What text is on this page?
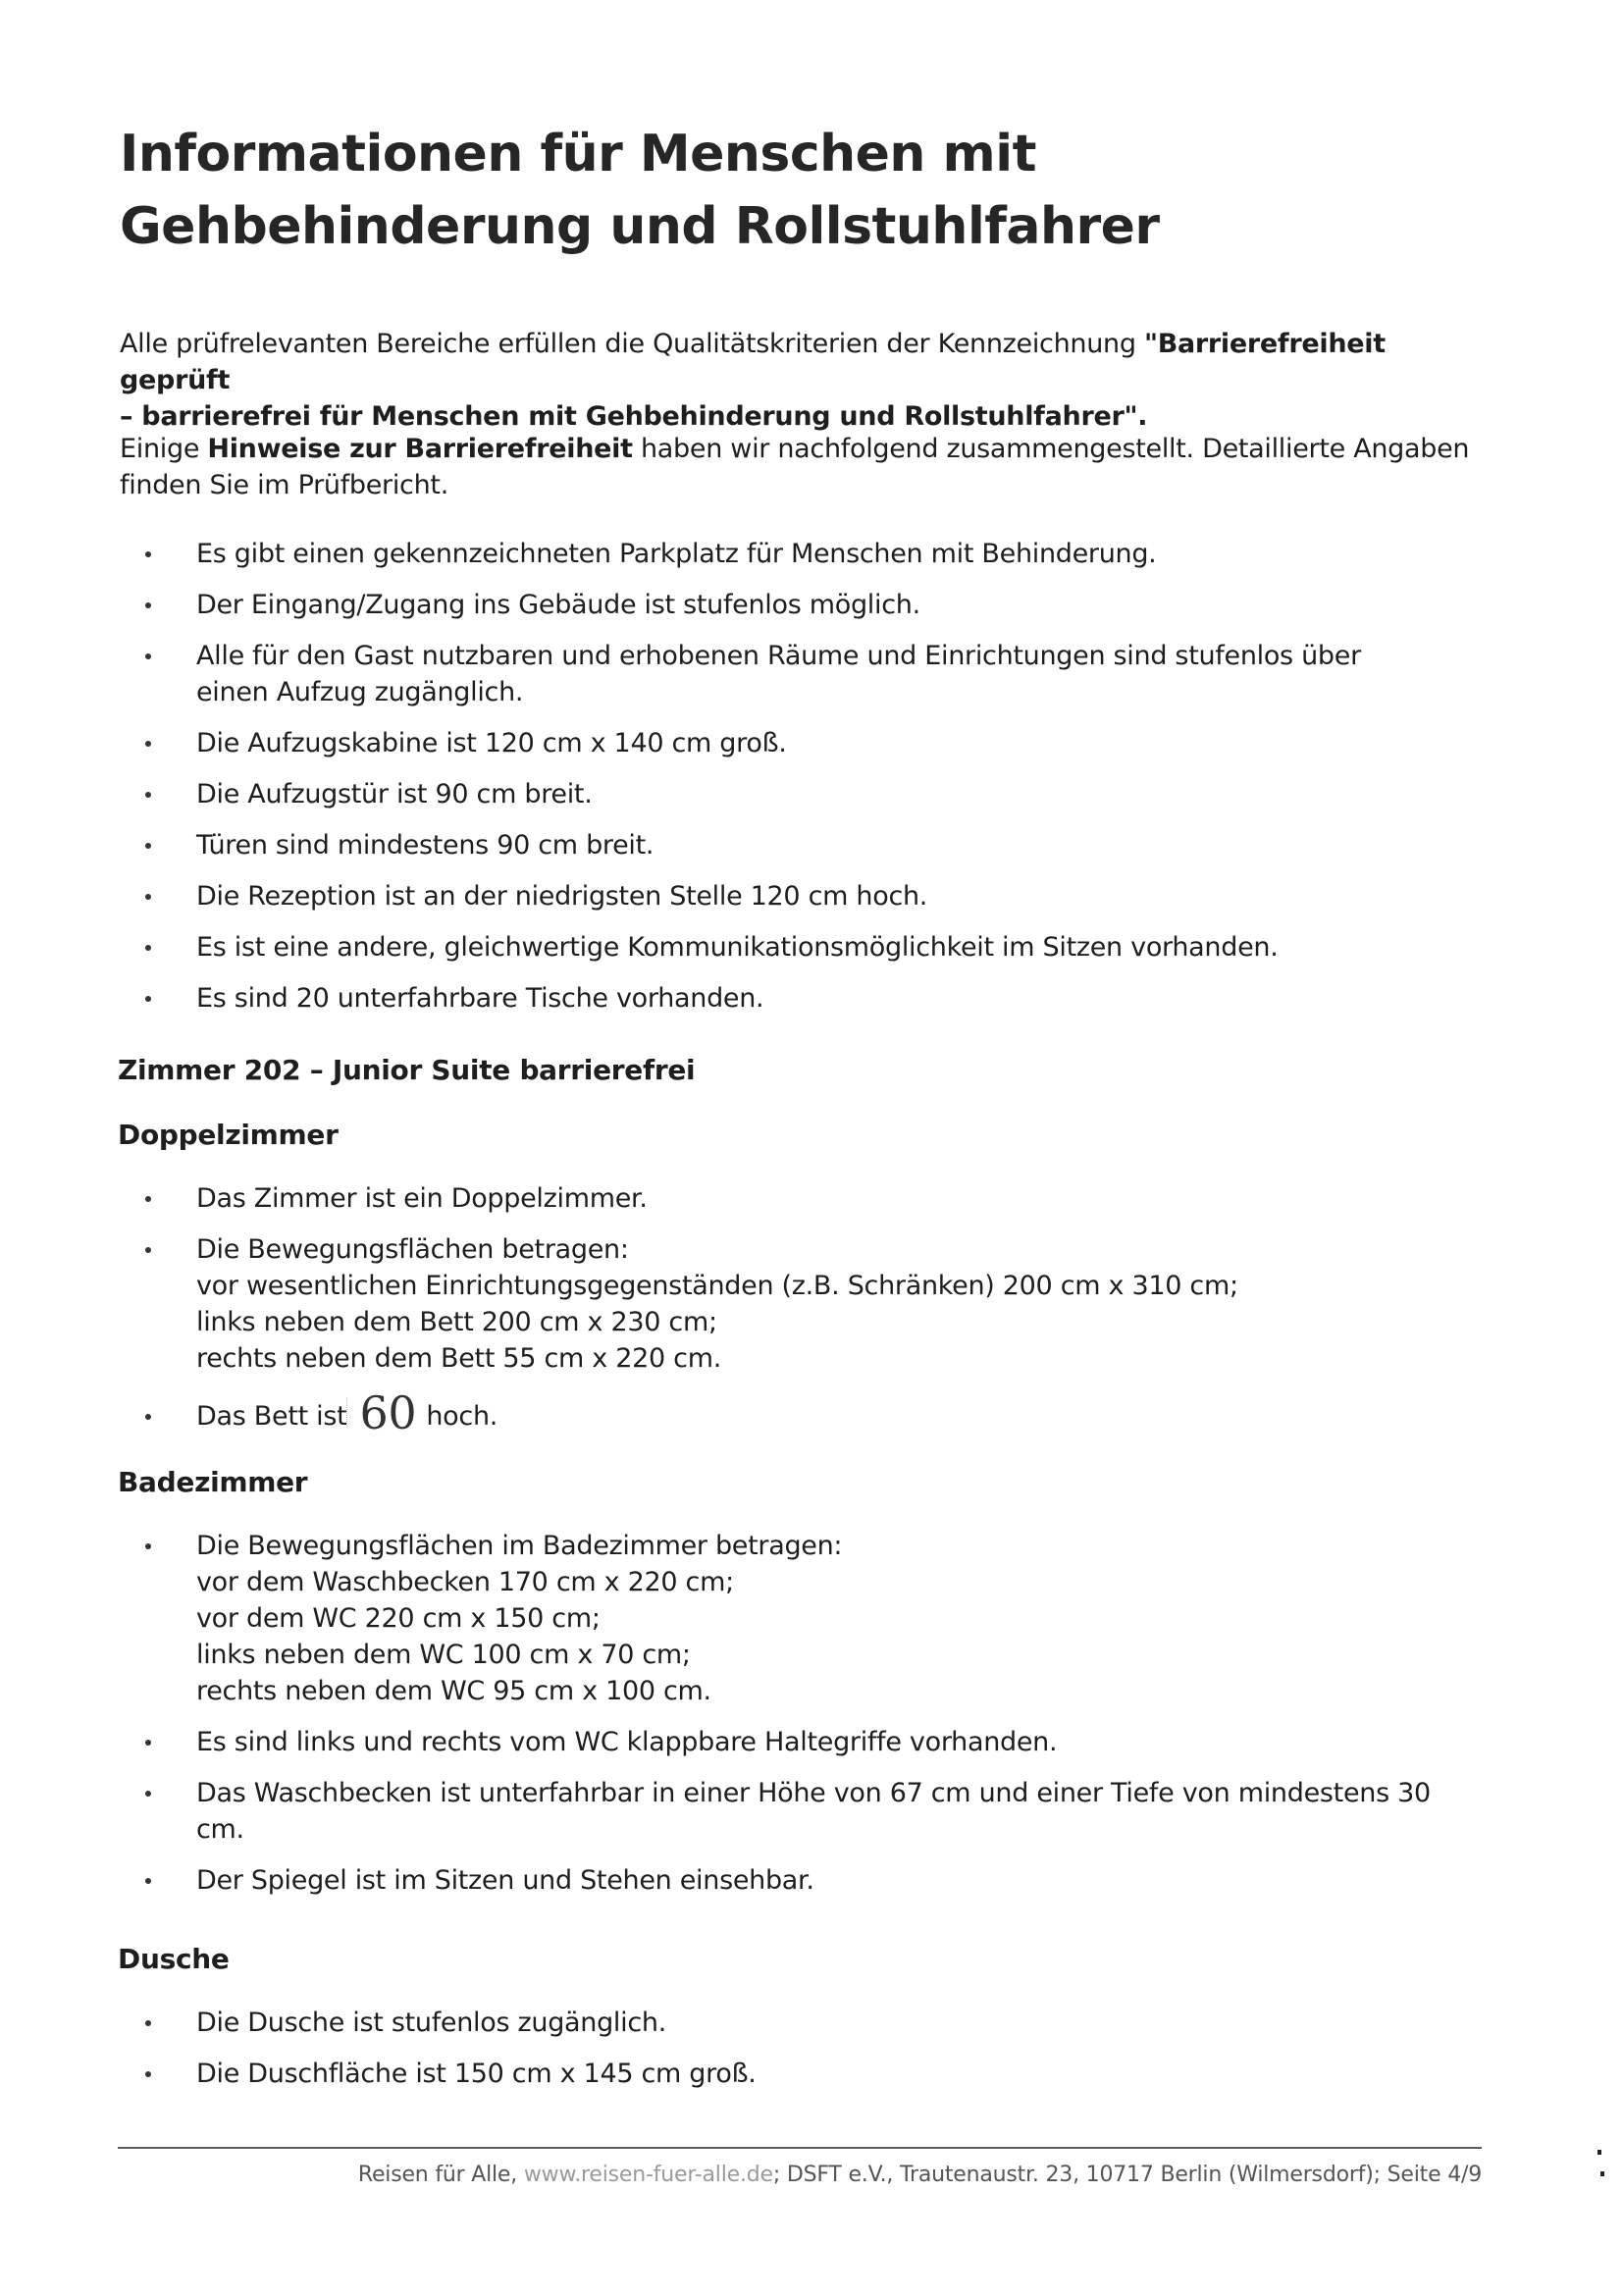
Informationen für Menschen mit Gehbehinderung und Rollstuhlfahrer

Alle prüfrelevanten Bereiche erfüllen die Qualitätskriterien der Kennzeichnung "Barrierefreiheit geprüft
– barrierefrei für Menschen mit Gehbehinderung und Rollstuhlfahrer".

Einige Hinweise zur Barrierefreiheit haben wir nachfolgend zusammengestellt. Detaillierte Angaben
finden Sie im Prüfbericht.

Es gibt einen gekennzeichneten Parkplatz für Menschen mit Behinderung.
Der Eingang/Zugang ins Gebäude ist stufenlos möglich.
Alle für den Gast nutzbaren und erhobenen Räume und Einrichtungen sind stufenlos über
einen Aufzug zugänglich.
Die Aufzugskabine ist 120 cm x 140 cm groß.
Die Aufzugstür ist 90 cm breit.
Türen sind mindestens 90 cm breit.
Die Rezeption ist an der niedrigsten Stelle 120 cm hoch.
Es ist eine andere, gleichwertige Kommunikationsmöglichkeit im Sitzen vorhanden.
Es sind 20 unterfahrbare Tische vorhanden.
Zimmer 202 – Junior Suite barrierefrei
Doppelzimmer
Das Zimmer ist ein Doppelzimmer.
Die Bewegungsflächen betragen:
vor wesentlichen Einrichtungsgegenständen (z.B. Schränken) 200 cm x 310 cm;
links neben dem Bett 200 cm x 230 cm;
rechts neben dem Bett 55 cm x 220 cm.
Das Bett ist 60 hoch.
Badezimmer
Die Bewegungsflächen im Badezimmer betragen:
vor dem Waschbecken 170 cm x 220 cm;
vor dem WC 220 cm x 150 cm;
links neben dem WC 100 cm x 70 cm;
rechts neben dem WC 95 cm x 100 cm.
Es sind links und rechts vom WC klappbare Haltegriffe vorhanden.
Das Waschbecken ist unterfahrbar in einer Höhe von 67 cm und einer Tiefe von mindestens 30
cm.
Der Spiegel ist im Sitzen und Stehen einsehbar.
Dusche
Die Dusche ist stufenlos zugänglich.
Die Duschfläche ist 150 cm x 145 cm groß.
Reisen für Alle, www.reisen-fuer-alle.de; DSFT e.V., Trautenaustr. 23, 10717 Berlin (Wilmersdorf); Seite 4/9
